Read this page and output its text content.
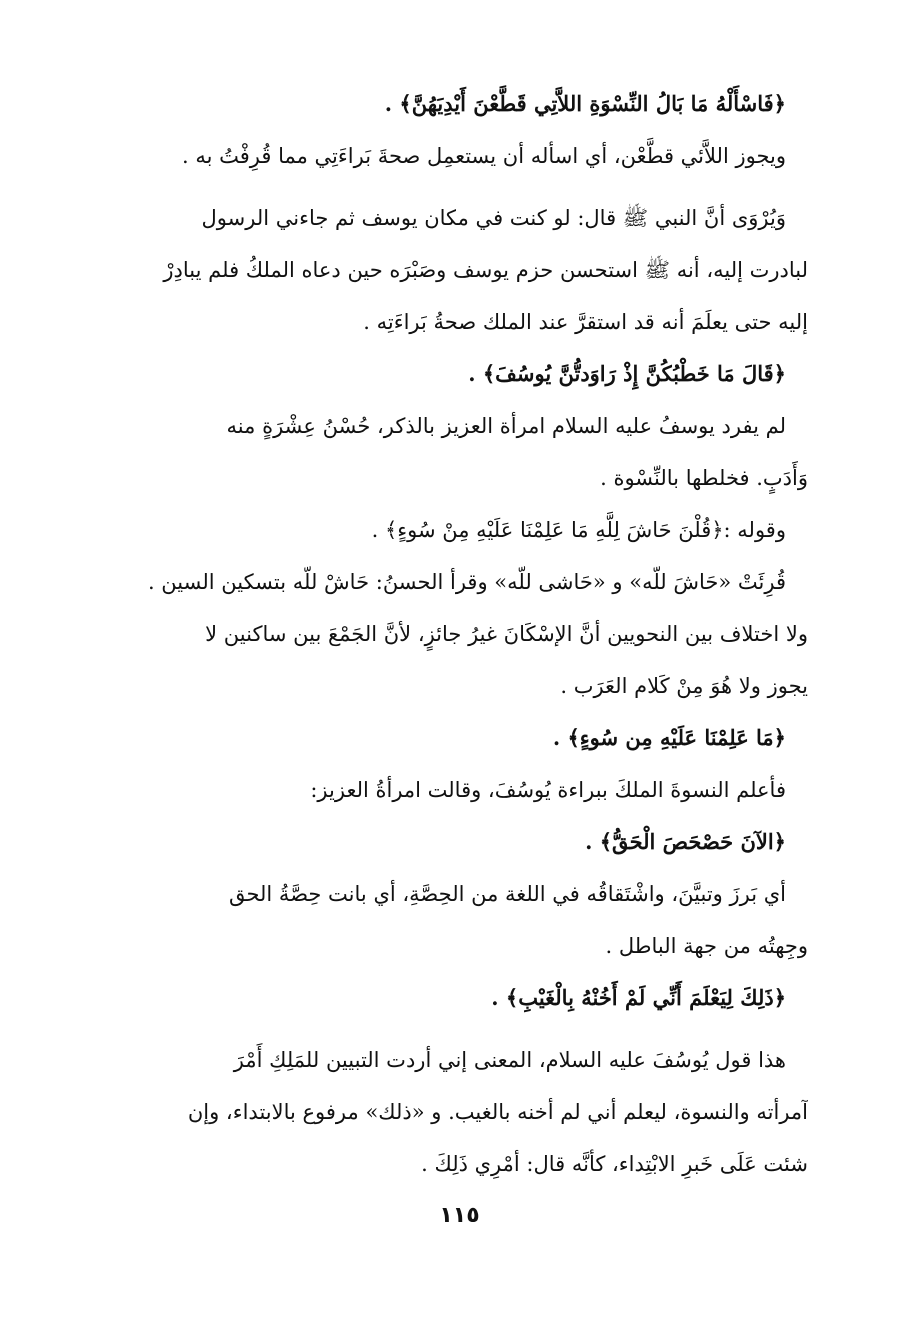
﴿فَاسْأَلْهُ مَا بَالُ النِّسْوَةِ اللاَّتِي قَطَّعْنَ أَيْدِيَهُنَّ﴾ .
ويجوز اللاَّئي قطَّعْن، أي اسأله أن يستعمِل صحةَ بَراءَتِي مما قُرِفْتُ به .
وَيُرْوَى أنَّ النبي ﷺ قال: لو كنت في مكان يوسف ثم جاءني الرسول
لبادرت إليه، أنه ﷺ استحسن حزم يوسف وصَبْرَه حين دعاه الملكُ فلم يبادِرْ
إليه حتى يعلَمَ أنه قد استقرَّ عند الملك صحةُ بَراءَتِه .
﴿قَالَ مَا خَطْبُكُنَّ إِذْ رَاوَدتُّنَّ يُوسُفَ﴾ .
لم يفرد يوسفُ عليه السلام امرأة العزيز بالذكر، حُسْنُ عِشْرَةٍ منه
وَأَدَبٍ. فخلطها بالنِّسْوة .
وقوله :﴿قُلْنَ حَاشَ لِلَّهِ مَا عَلِمْنَا عَلَيْهِ مِنْ سُوءٍ﴾ .
قُرِئَتْ «حَاشَ للّه» و «حَاشى للّه» وقرأ الحسنُ: حَاشْ للّه بتسكين السين .
ولا اختلاف بين النحويين أنَّ الإسْكَانَ غيرُ جائزٍ، لأنَّ الجَمْعَ بين ساكنين لا
يجوز ولا هُوَ مِنْ كَلام العَرَب .
﴿مَا عَلِمْنَا عَلَيْهِ مِن سُوءٍ﴾ .
فأعلم النسوةَ الملكَ ببراءة يُوسُفَ، وقالت امرأةُ العزيز:
﴿الآنَ حَصْحَصَ الْحَقُّ﴾ .
أي بَرزَ وتبيَّنَ، واشْتَقاقُه في اللغة من الحِصَّةِ، أي بانت حِصَّةُ الحق
وجِهتُه من جهة الباطل .
﴿ذَلِكَ لِيَعْلَمَ أَنِّي لَمْ أَخُنْهُ بِالْغَيْبِ﴾ .
هذا قول يُوسُفَ عليه السلام، المعنى إني أردت التبيين للمَلِكِ أَمْرَ
آمرأته والنسوة، ليعلم أني لم أخنه بالغيب. و «ذلك» مرفوع بالابتداء، وإن
شئت عَلَى خَبرِ الابْتِداء، كأنَّه قال: أمْرِي ذَلِكَ .
١١٥
